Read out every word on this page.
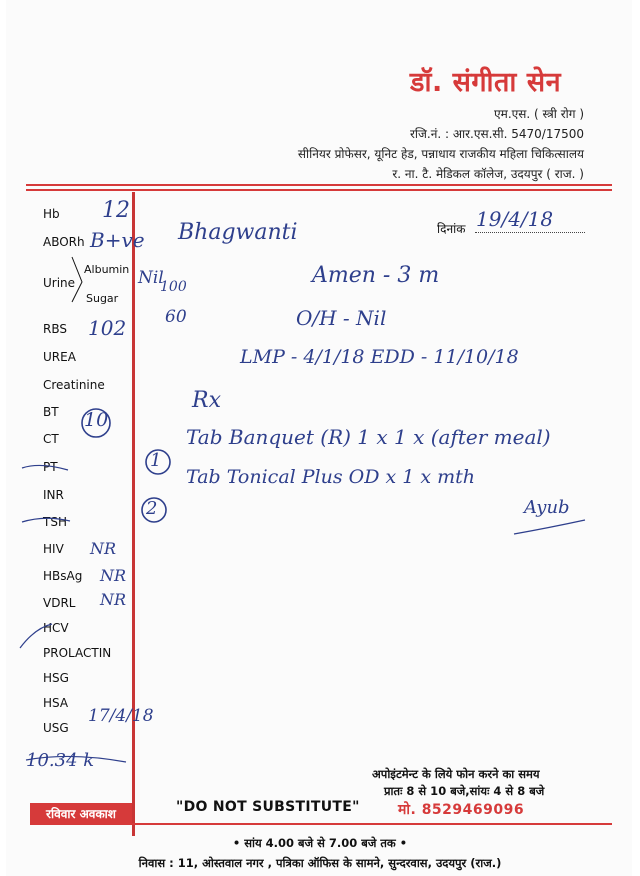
डॉ. संगीता सेन
एम.एस. ( स्त्री रोग )
रजि.नं. : आर.एस.सी. 5470/17500
सीनियर प्रोफेसर, यूनिट हेड, पन्नाधाय राजकीय महिला चिकित्सालय
र. ना. टै. मेडिकल कॉलेज, उदयपुर ( राज. )
Hb
ABORh
Urine
Albumin
Sugar
RBS
UREA
Creatinine
BT
CT
PT
INR
TSH
HIV
HBsAg
VDRL
HCV
PROLACTIN
HSG
HSA
USG
दिनांक
12
B+ve Bhagwanti
19/4/18
Nil
100
102 60
Amen - 3 m
O/H - Nil
LMP - 4/1/18 EDD - 11/10/18
Rx
10
1
Tab Banquet (R) 1 x 1 x (after meal)
2
Tab Tonical Plus OD x 1 x mth
Ayub
NR
NR
NR
17/4/18
10.34 k
अपोइंटमेन्ट के लिये फोन करने का समय
प्रातः 8 से 10 बजे,सांयः 4 से 8 बजे
मो. 8529469096
"DO NOT SUBSTITUTE"
रविवार अवकाश
• सांय 4.00 बजे से 7.00 बजे तक •
निवास : 11, ओस्तवाल नगर , पत्रिका ऑफिस के सामने, सुन्दरवास, उदयपुर (राज.)
